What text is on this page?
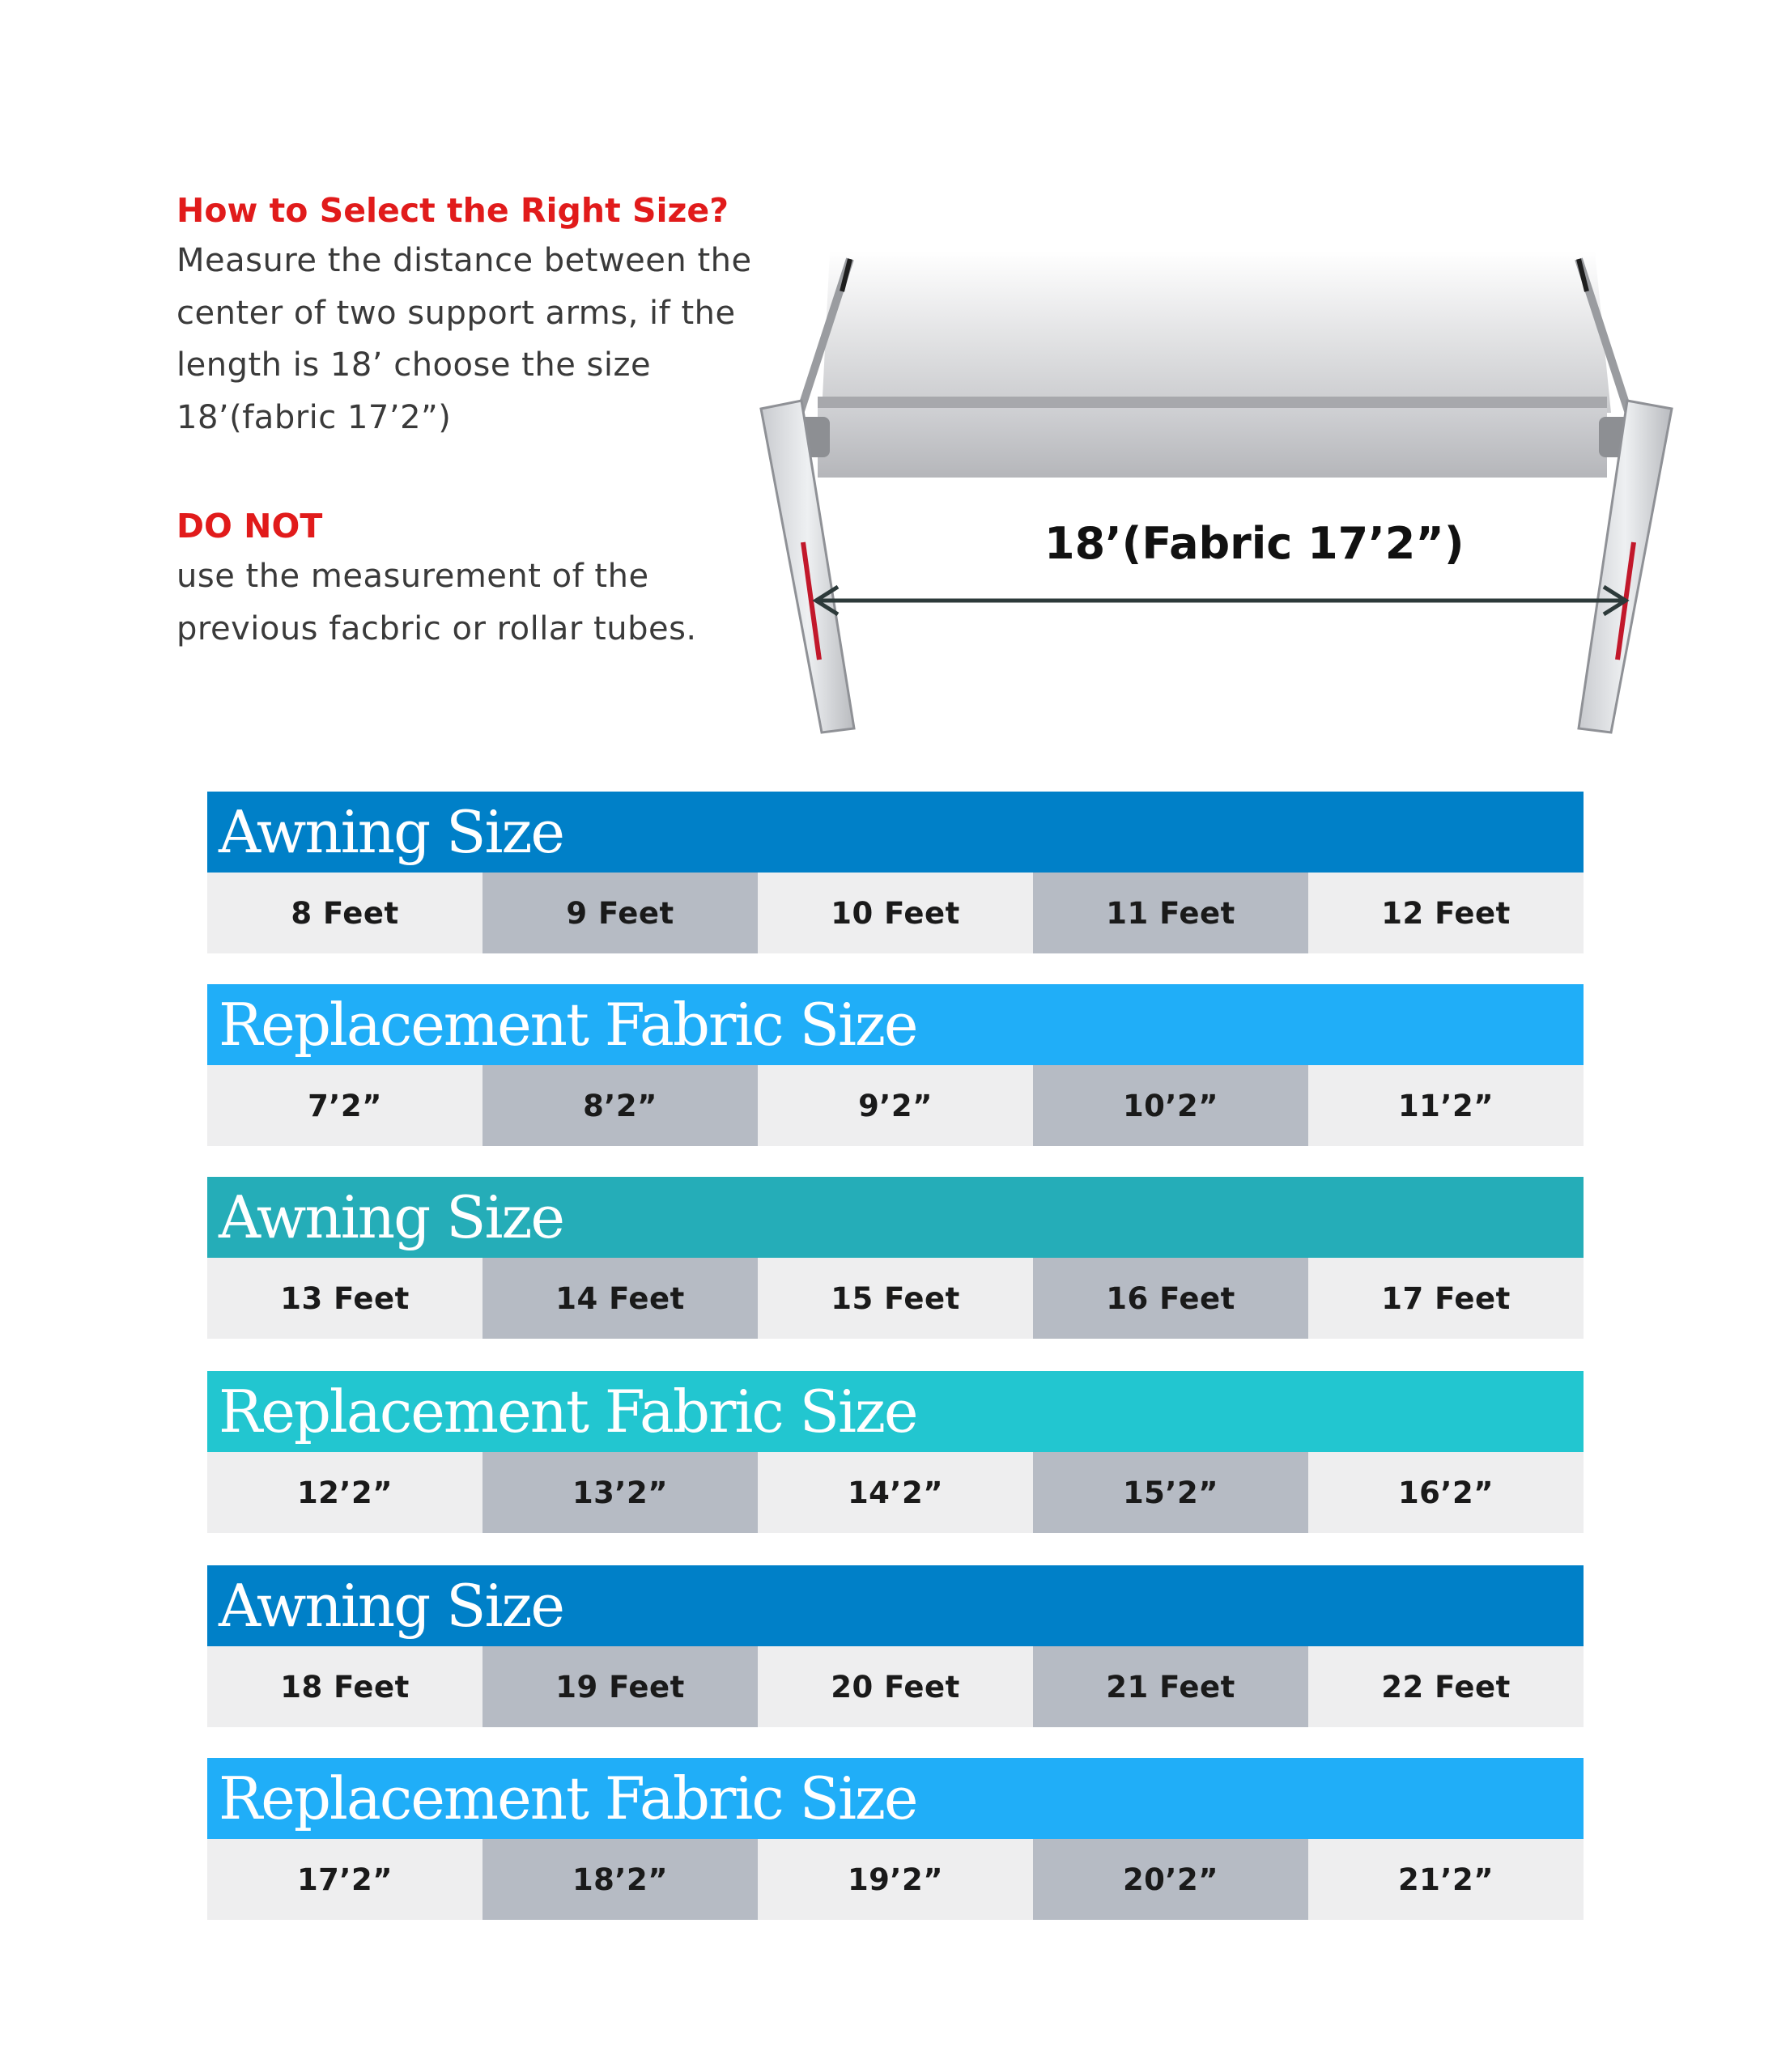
How to Select the Right Size?
Measure the distance between the
center of two support arms, if the
length is 18’ choose the size
18’(fabric 17’2”)
DO NOT
use the measurement of the
previous facbric or rollar tubes.
18’(Fabric 17’2”)
Awning Size
8 Feet	9 Feet	10 Feet	11 Feet	12 Feet
Replacement Fabric Size
7’2”	8’2”	9’2”	10’2”	11’2”
Awning Size
13 Feet	14 Feet	15 Feet	16 Feet	17 Feet
Replacement Fabric Size
12’2”	13’2”	14’2”	15’2”	16’2”
Awning Size
18 Feet	19 Feet	20 Feet	21 Feet	22 Feet
Replacement Fabric Size
17’2”	18’2”	19’2”	20’2”	21’2”
